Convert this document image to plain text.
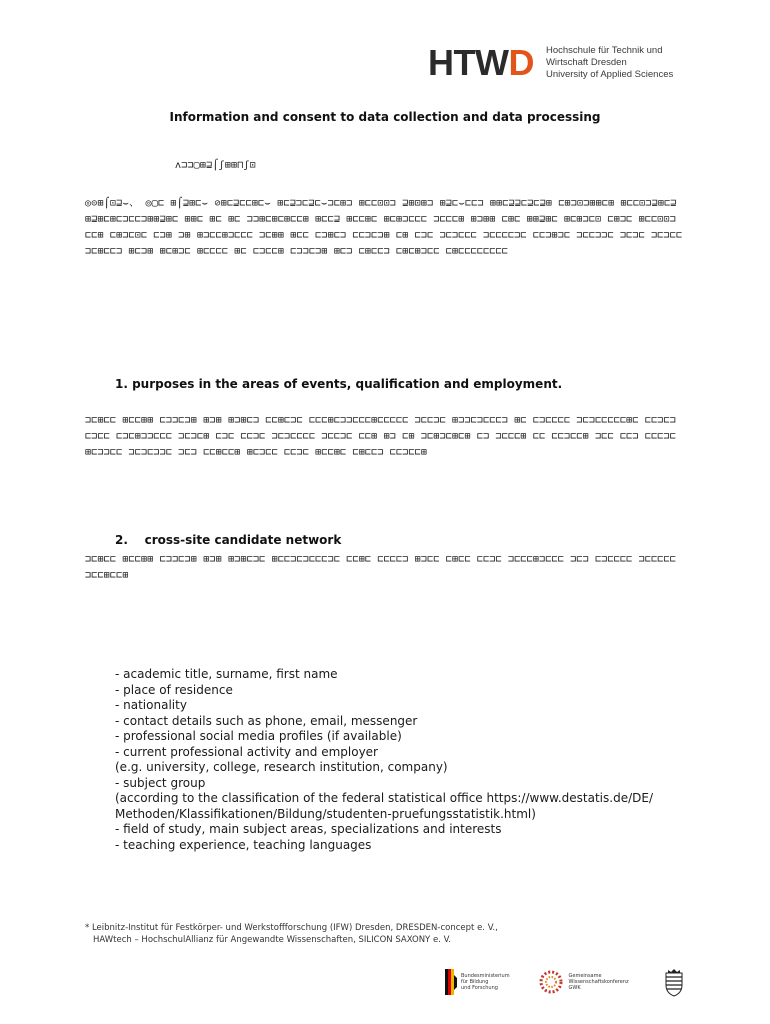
HTW D Hochschule für Technik und
Wirtschaft Dresden
University of Applied Sciences
Information and consent to data collection and data processing
ʌ⊐⊐▢⊞⊒⌠ʃ⊞⊞⊓ʃ⊡
◎⊝⊞⌠⊡⊒⌣、 ◎▢⊏ ⊞⌠⊒⊞⊏⌣ ⊘⊞⊏⊒⊏⊏⊞⊏⌣ ⊞⊏⊒⊐⊏⊒⊏⌣⊐⊏⊞⊐ ⊞⊏⊏⊡⊡⊐ ⊒⊞⊡⊞⊐ ⊞⊒⊏⌣⊏⊏⊐ ⊞⊞⊏⊒⊒⊏⊒⊏⊒⊞ ⊏⊞⊐⊡⊐⊞⊞⊏⊞ ⊞⊏⊏⊡⊐⊒⊞⊏⊒ ⊞⊒⊞⊏⊞⊏⊐⊏⊏⊐⊞⊞⊒⊞⊏ ⊞⊞⊏ ⊞⊏ ⊞⊏ ⊐⊐⊞⊏⊞⊏⊞⊏⊏⊞ ⊞⊏⊏⊒ ⊞⊏⊏⊞⊏ ⊞⊏⊞⊐⊏⊏⊏ ⊐⊏⊏⊏⊞ ⊞⊐⊞⊞ ⊏⊞⊏ ⊞⊞⊒⊞⊏ ⊞⊏⊞⊐⊏⊡ ⊏⊞⊐⊏ ⊞⊏⊏⊡⊡⊐ ⊏⊏⊞ ⊏⊞⊐⊏⊡⊏ ⊏⊐⊞ ⊐⊞ ⊞⊐⊏⊏⊞⊐⊏⊏⊏ ⊐⊏⊞⊞ ⊞⊏⊏ ⊏⊐⊞⊏⊐ ⊏⊏⊐⊏⊐⊞ ⊏⊞ ⊏⊐⊏ ⊐⊏⊐⊏⊏⊏ ⊐⊏⊏⊏⊏⊐⊏ ⊏⊏⊐⊞⊐⊏ ⊐⊏⊏⊐⊐⊏ ⊐⊏⊐⊏ ⊐⊏⊐⊏⊏⊐⊏⊞⊏⊏⊐ ⊞⊏⊐⊞ ⊞⊏⊞⊐⊏ ⊞⊏⊏⊏⊏ ⊞⊏ ⊏⊐⊏⊏⊞ ⊏⊐⊐⊏⊐⊞ ⊞⊏⊐ ⊏⊞⊏⊏⊐ ⊏⊞⊏⊞⊐⊏⊏ ⊏⊞⊏⊏⊏⊏⊏⊏⊏⊏
1. purposes in the areas of events, qualification and employment.
⊐⊏⊞⊏⊏ ⊞⊏⊏⊞⊞ ⊏⊐⊐⊏⊐⊞ ⊞⊐⊞ ⊞⊐⊞⊏⊐ ⊏⊏⊞⊏⊐⊏ ⊏⊏⊏⊞⊏⊐⊐⊏⊏⊏⊞⊏⊏⊏⊏⊏ ⊐⊏⊏⊐⊏ ⊞⊐⊐⊏⊐⊏⊏⊏⊐ ⊞⊏ ⊏⊐⊏⊏⊏⊏ ⊐⊏⊐⊏⊏⊏⊏⊏⊞⊏ ⊏⊏⊐⊏⊐ ⊏⊐⊏⊏ ⊏⊐⊏⊞⊐⊐⊏⊏⊏ ⊐⊏⊐⊏⊞ ⊏⊐⊏ ⊏⊏⊐⊏ ⊐⊏⊐⊏⊏⊏⊏ ⊐⊏⊏⊐⊏ ⊏⊏⊞ ⊞⊐ ⊏⊞ ⊐⊏⊞⊐⊏⊞⊏⊞ ⊏⊐ ⊐⊏⊏⊏⊞ ⊏⊏ ⊏⊏⊐⊏⊏⊞ ⊐⊏⊏ ⊏⊏⊐ ⊏⊏⊏⊐⊏ ⊞⊏⊐⊐⊏⊏ ⊐⊏⊐⊏⊐⊐⊏ ⊐⊏⊐ ⊏⊏⊞⊏⊏⊞ ⊞⊏⊐⊏⊏ ⊏⊏⊐⊏ ⊞⊏⊏⊞⊏ ⊏⊞⊏⊏⊐ ⊏⊏⊐⊏⊏⊞
2.    cross-site candidate network
⊐⊏⊞⊏⊏ ⊞⊏⊏⊞⊞ ⊏⊐⊐⊏⊐⊞ ⊞⊐⊞ ⊞⊐⊞⊏⊐⊏ ⊞⊏⊏⊐⊏⊐⊏⊏⊏⊐⊏ ⊏⊏⊞⊏ ⊏⊏⊏⊏⊐ ⊞⊐⊏⊏ ⊏⊞⊏⊏ ⊏⊏⊐⊏ ⊐⊏⊏⊏⊞⊐⊏⊏⊏ ⊐⊏⊐ ⊏⊐⊏⊏⊏⊏ ⊐⊏⊏⊏⊏⊏ ⊐⊏⊏⊞⊏⊏⊞
- academic title, surname, first name
- place of residence
- nationality
- contact details such as phone, email, messenger
- professional social media profiles (if available)
- current professional activity and employer
(e.g. university, college, research institution, company)
- subject group
(according to the classification of the federal statistical office https://www.destatis.de/DE/
Methoden/Klassifikationen/Bildung/studenten-pruefungsstatistik.html)
- field of study, main subject areas, specializations and interests
- teaching experience, teaching languages
* Leibnitz-Institut für Festkörper- und Werkstoffforschung (IFW) Dresden, DRESDEN-concept e. V.,
HAWtech – HochschulAllianz für Angewandte Wissenschaften, SILICON SAXONY e. V.
Bundesministerium
für Bildung
und Forschung
Gemeinsame
Wissenschaftskonferenz
GWK
